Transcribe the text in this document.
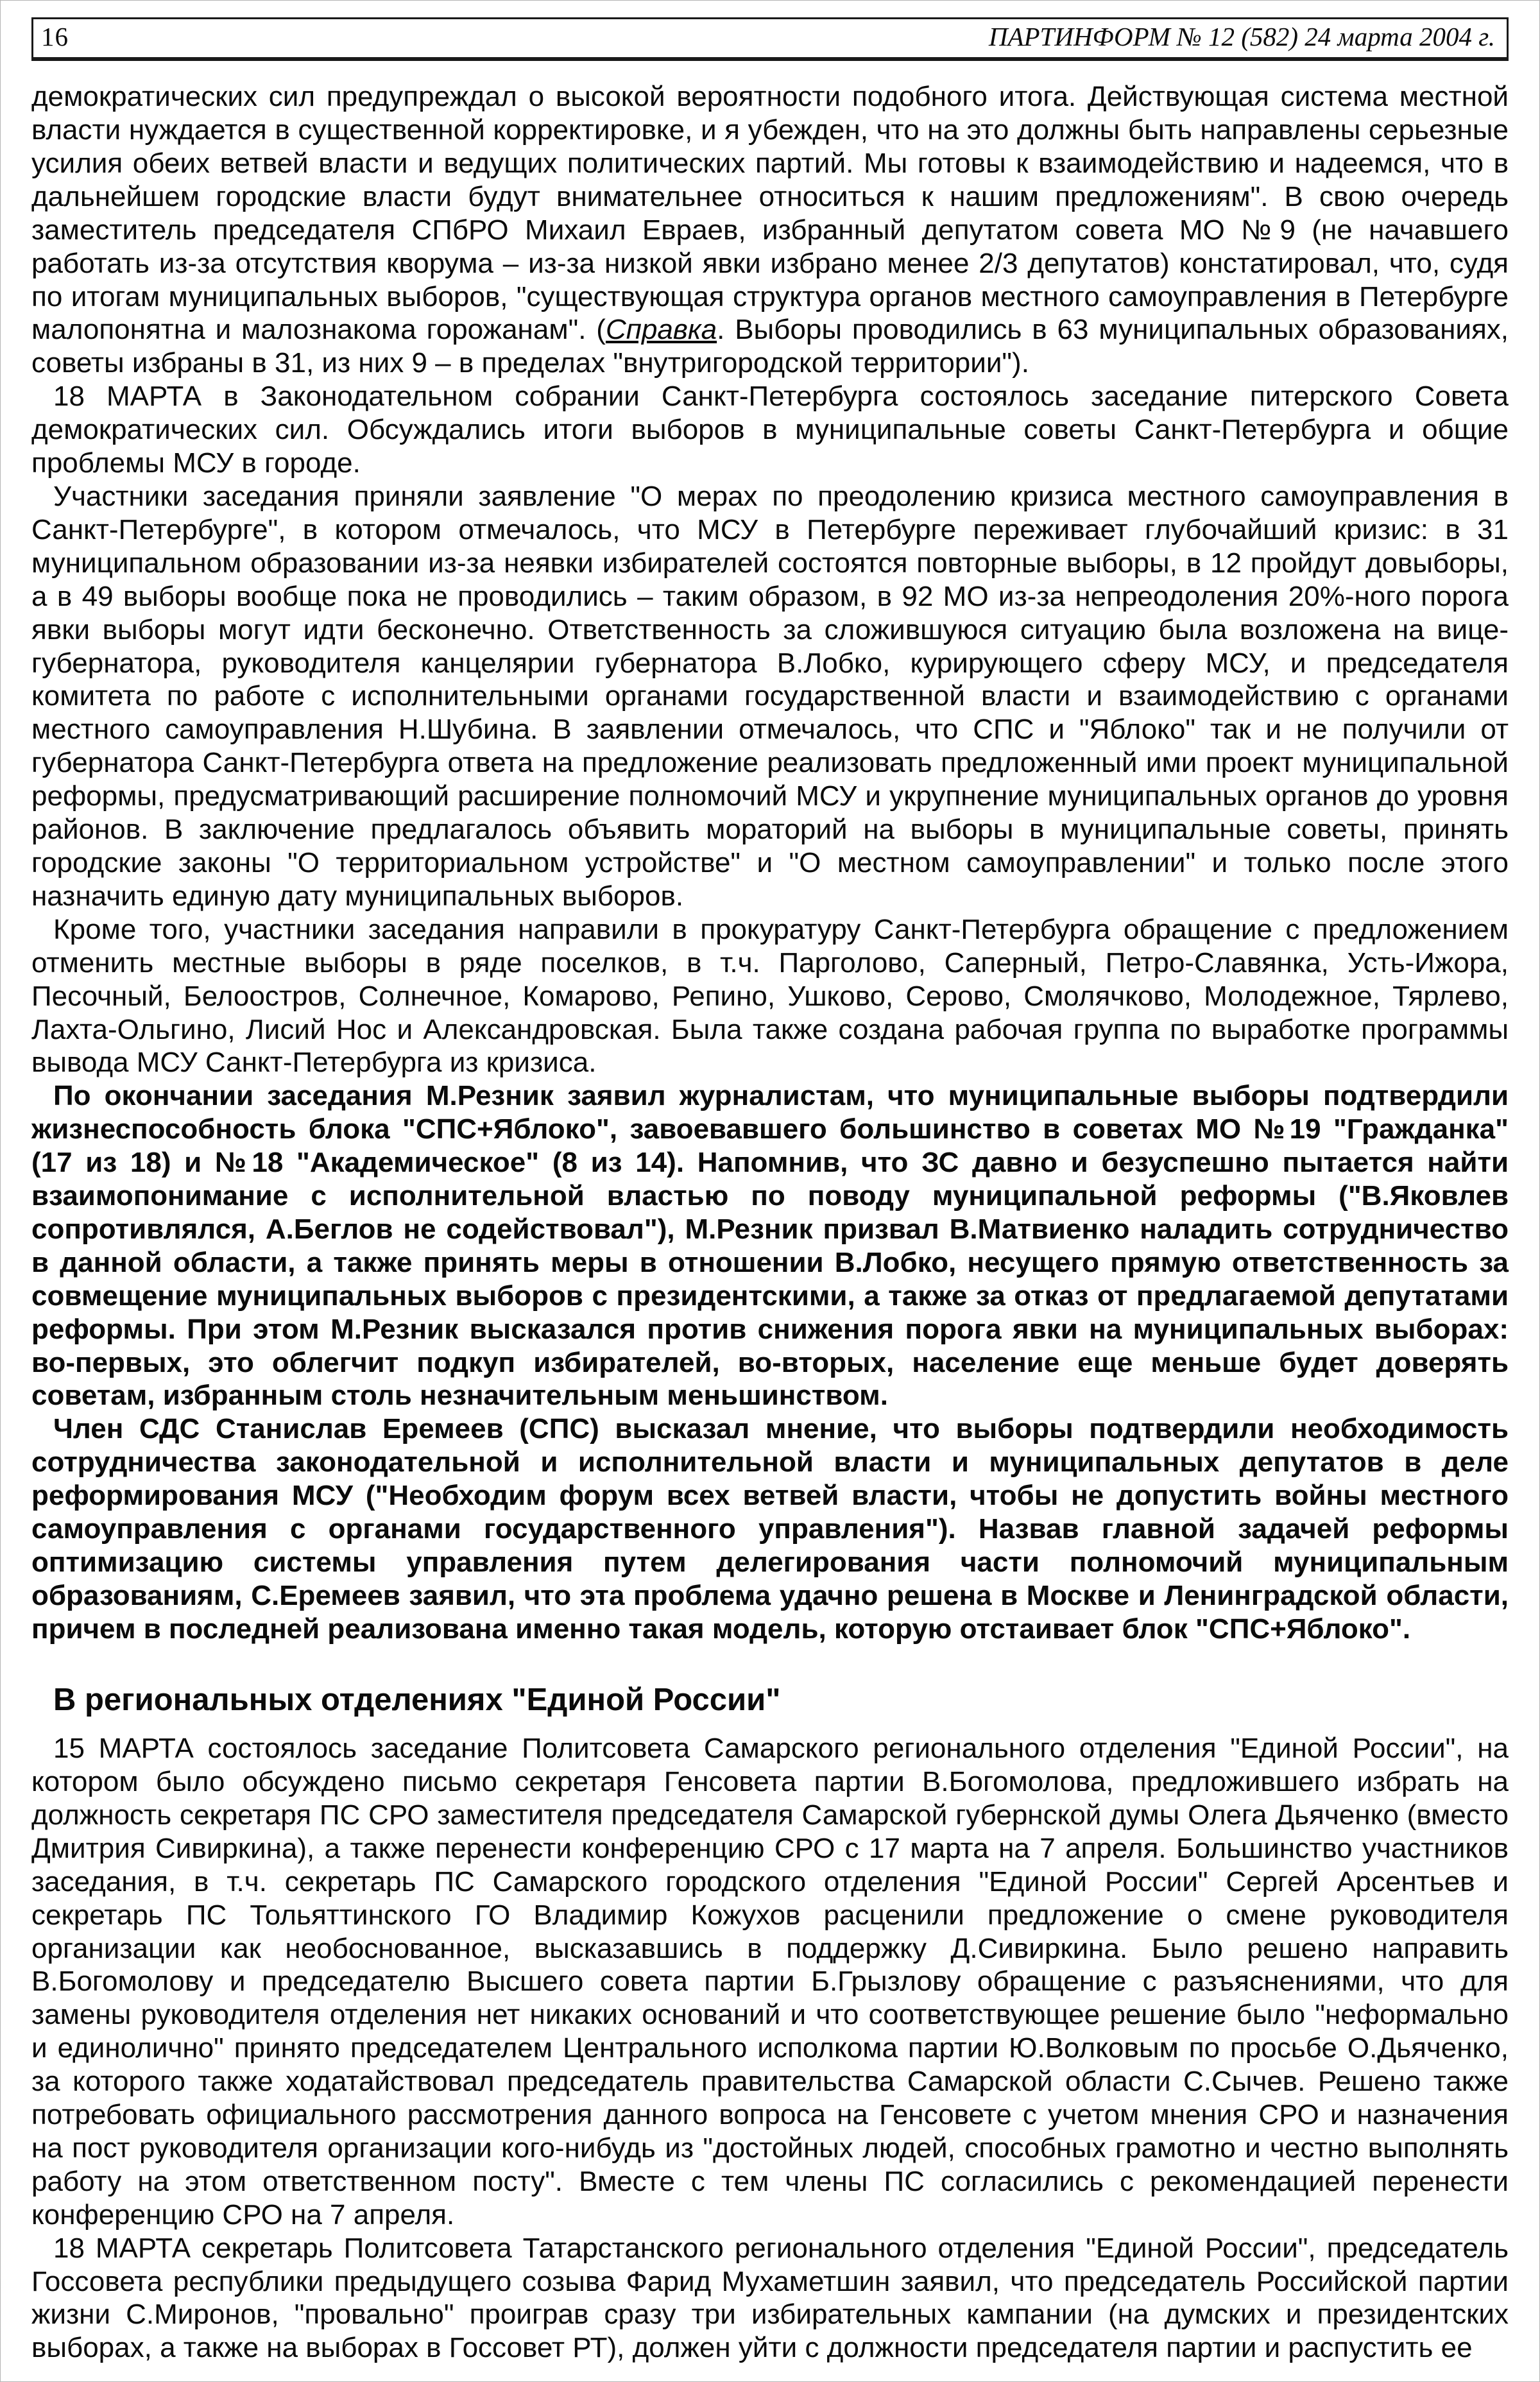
16	ПАРТИНФОРМ № 12 (582) 24 марта 2004 г.

демократических сил предупреждал о высокой вероятности подобного итога. Действующая система местной власти нуждается в существенной корректировке, и я убежден, что на это должны быть направлены серьезные усилия обеих ветвей власти и ведущих политических партий. Мы готовы к взаимодействию и надеемся, что в дальнейшем городские власти будут внимательнее относиться к нашим предложениям". В свою очередь заместитель председателя СПбРО Михаил Евраев, избранный депутатом совета МО №9 (не начавшего работать из-за отсутствия кворума – из-за низкой явки избрано менее 2/3 депутатов) констатировал, что, судя по итогам муниципальных выборов, "существующая структура органов местного самоуправления в Петербурге малопонятна и малознакома горожанам". (Справка. Выборы проводились в 63 муниципальных образованиях, советы избраны в 31, из них 9 – в пределах "внутригородской территории").

18 МАРТА в Законодательном собрании Санкт-Петербурга состоялось заседание питерского Совета демократических сил. Обсуждались итоги выборов в муниципальные советы Санкт-Петербурга и общие проблемы МСУ в городе.

Участники заседания приняли заявление "О мерах по преодолению кризиса местного самоуправления в Санкт-Петербурге", в котором отмечалось, что МСУ в Петербурге переживает глубочайший кризис: в 31 муниципальном образовании из-за неявки избирателей состоятся повторные выборы, в 12 пройдут довыборы, а в 49 выборы вообще пока не проводились – таким образом, в 92 МО из-за непреодоления 20%-ного порога явки выборы могут идти бесконечно. Ответственность за сложившуюся ситуацию была возложена на вице-губернатора, руководителя канцелярии губернатора В.Лобко, курирующего сферу МСУ, и председателя комитета по работе с исполнительными органами государственной власти и взаимодействию с органами местного самоуправления Н.Шубина. В заявлении отмечалось, что СПС и "Яблоко" так и не получили от губернатора Санкт-Петербурга ответа на предложение реализовать предложенный ими проект муниципальной реформы, предусматривающий расширение полномочий МСУ и укрупнение муниципальных органов до уровня районов. В заключение предлагалось объявить мораторий на выборы в муниципальные советы, принять городские законы "О территориальном устройстве" и "О местном самоуправлении" и только после этого назначить единую дату муниципальных выборов.

Кроме того, участники заседания направили в прокуратуру Санкт-Петербурга обращение с предложением отменить местные выборы в ряде поселков, в т.ч. Парголово, Саперный, Петро-Славянка, Усть-Ижора, Песочный, Белоостров, Солнечное, Комарово, Репино, Ушково, Серово, Смолячково, Молодежное, Тярлево, Лахта-Ольгино, Лисий Нос и Александровская. Была также создана рабочая группа по выработке программы вывода МСУ Санкт-Петербурга из кризиса.

По окончании заседания М.Резник заявил журналистам, что муниципальные выборы подтвердили жизнеспособность блока "СПС+Яблоко", завоевавшего большинство в советах МО №19 "Гражданка" (17 из 18) и №18 "Академическое" (8 из 14). Напомнив, что ЗС давно и безуспешно пытается найти взаимопонимание с исполнительной властью по поводу муниципальной реформы ("В.Яковлев сопротивлялся, А.Беглов не содействовал"), М.Резник призвал В.Матвиенко наладить сотрудничество в данной области, а также принять меры в отношении В.Лобко, несущего прямую ответственность за совмещение муниципальных выборов с президентскими, а также за отказ от предлагаемой депутатами реформы. При этом М.Резник высказался против снижения порога явки на муниципальных выборах: во-первых, это облегчит подкуп избирателей, во-вторых, население еще меньше будет доверять советам, избранным столь незначительным меньшинством.

Член СДС Станислав Еремеев (СПС) высказал мнение, что выборы подтвердили необходимость сотрудничества законодательной и исполнительной власти и муниципальных депутатов в деле реформирования МСУ ("Необходим форум всех ветвей власти, чтобы не допустить войны местного самоуправления с органами государственного управления"). Назвав главной задачей реформы оптимизацию системы управления путем делегирования части полномочий муниципальным образованиям, С.Еремеев заявил, что эта проблема удачно решена в Москве и Ленинградской области, причем в последней реализована именно такая модель, которую отстаивает блок "СПС+Яблоко".

В региональных отделениях "Единой России"

15 МАРТА состоялось заседание Политсовета Самарского регионального отделения "Единой России", на котором было обсуждено письмо секретаря Генсовета партии В.Богомолова, предложившего избрать на должность секретаря ПС СРО заместителя председателя Самарской губернской думы Олега Дьяченко (вместо Дмитрия Сивиркина), а также перенести конференцию СРО с 17 марта на 7 апреля. Большинство участников заседания, в т.ч. секретарь ПС Самарского городского отделения "Единой России" Сергей Арсентьев и секретарь ПС Тольяттинского ГО Владимир Кожухов расценили предложение о смене руководителя организации как необоснованное, высказавшись в поддержку Д.Сивиркина. Было решено направить В.Богомолову и председателю Высшего совета партии Б.Грызлову обращение с разъяснениями, что для замены руководителя отделения нет никаких оснований и что соответствующее решение было "неформально и единолично" принято председателем Центрального исполкома партии Ю.Волковым по просьбе О.Дьяченко, за которого также ходатайствовал председатель правительства Самарской области С.Сычев. Решено также потребовать официального рассмотрения данного вопроса на Генсовете с учетом мнения СРО и назначения на пост руководителя организации кого-нибудь из "достойных людей, способных грамотно и честно выполнять работу на этом ответственном посту". Вместе с тем члены ПС согласились с рекомендацией перенести конференцию СРО на 7 апреля.

18 МАРТА секретарь Политсовета Татарстанского регионального отделения "Единой России", председатель Госсовета республики предыдущего созыва Фарид Мухаметшин заявил, что председатель Российской партии жизни С.Миронов, "провально" проиграв сразу три избирательных кампании (на думских и президентских выборах, а также на выборах в Госсовет РТ), должен уйти с должности председателя партии и распустить ее
